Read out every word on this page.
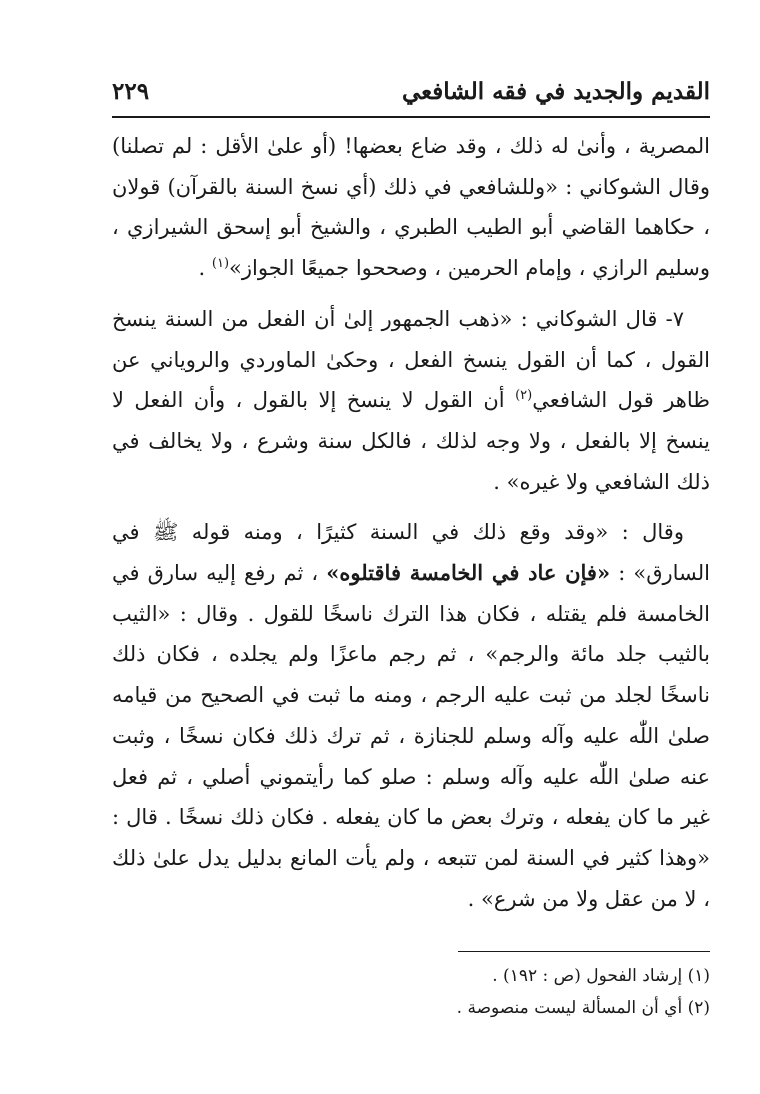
القديم والجديد في فقه الشافعي
٢٢٩

المصرية ، وأنىٰ له ذلك ، وقد ضاع بعضها! (أو علىٰ الأقل : لم تصلنا) وقال الشوكاني : «وللشافعي في ذلك (أي نسخ السنة بالقرآن) قولان ، حكاهما القاضي أبو الطيب الطبري ، والشيخ أبو إسحق الشيرازي ، وسليم الرازي ، وإمام الحرمين ، وصححوا جميعًا الجواز»$^{(١)}$ .

٧- قال الشوكاني : «ذهب الجمهور إلىٰ أن الفعل من السنة ينسخ القول ، كما أن القول ينسخ الفعل ، وحكىٰ الماوردي والروياني عن ظاهر قول الشافعي$^{(٢)}$ أن القول لا ينسخ إلا بالقول ، وأن الفعل لا ينسخ إلا بالفعل ، ولا وجه لذلك ، فالكل سنة وشرع ، ولا يخالف في ذلك الشافعي ولا غيره» .

وقال : «وقد وقع ذلك في السنة كثيرًا ، ومنه قوله ﷺ في السارق» : «فإن عاد في الخامسة فاقتلوه» ، ثم رفع إليه سارق في الخامسة فلم يقتله ، فكان هذا الترك ناسخًا للقول . وقال : «الثيب بالثيب جلد مائة والرجم» ، ثم رجم ماعزًا ولم يجلده ، فكان ذلك ناسخًا لجلد من ثبت عليه الرجم ، ومنه ما ثبت في الصحيح من قيامه صلىٰ اللّٰه عليه وآله وسلم للجنازة ، ثم ترك ذلك فكان نسخًا ، وثبت عنه صلىٰ اللّٰه عليه وآله وسلم : صلو كما رأيتموني أصلي ، ثم فعل غير ما كان يفعله ، وترك بعض ما كان يفعله . فكان ذلك نسخًا . قال : «وهذا كثير في السنة لمن تتبعه ، ولم يأت المانع بدليل يدل علىٰ ذلك ، لا من عقل ولا من شرع» .

(١) إرشاد الفحول (ص : ١٩٢) .
(٢) أي أن المسألة ليست منصوصة .
